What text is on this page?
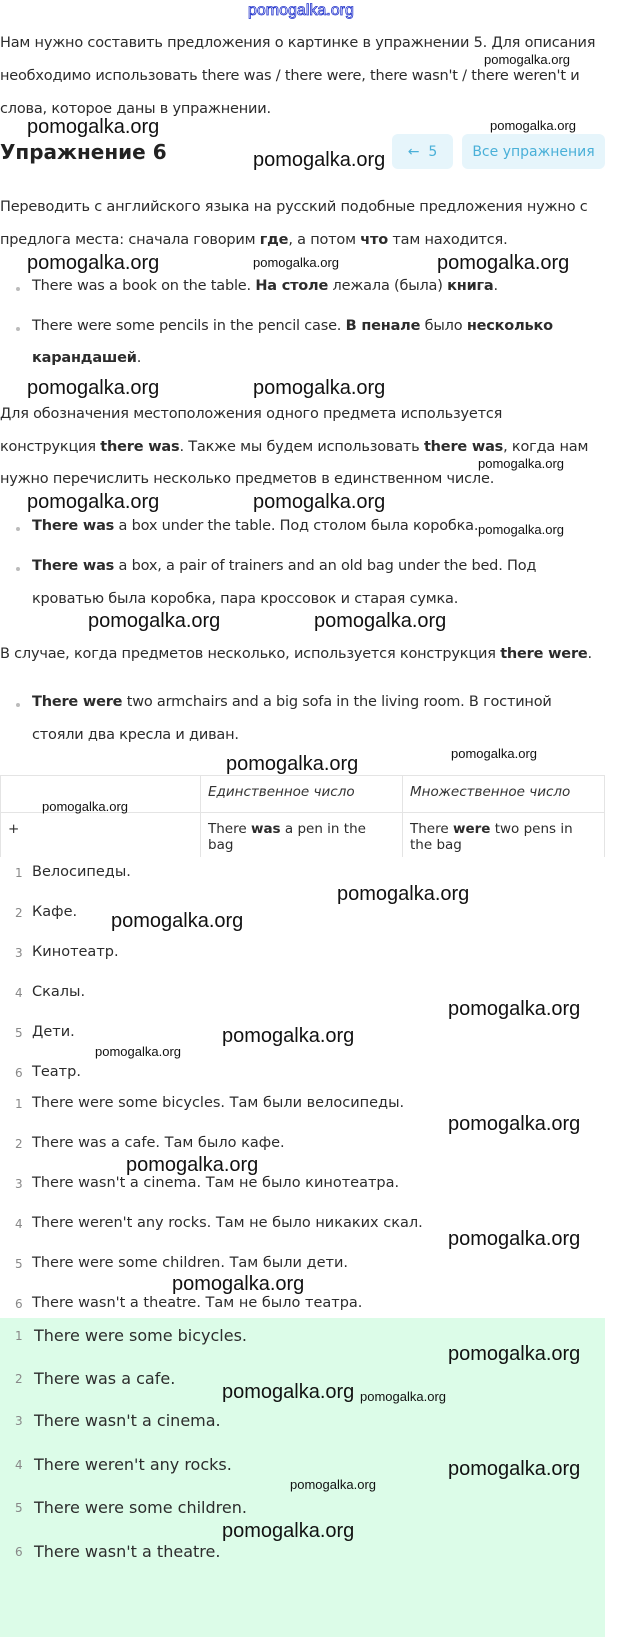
pomogalka.org
Нам нужно составить предложения о картинке в упражнении 5. Для описания
необходимо использовать there was / there were, there wasn't / there weren't и
слова, которое даны в упражнении.
Упражнение 6	←
5	Все упражнения
Переводить с английского языка на русский подобные предложения нужно с
предлога места: сначала говорим где, а потом что там находится.
There was a book on the table. На столе лежала (была) книга.
There were some pencils in the pencil case. В пенале было несколько
карандашей.
Для обозначения местоположения одного предмета используется
конструкция there was. Также мы будем использовать there was, когда нам
нужно перечислить несколько предметов в единственном числе.
There was a box under the table. Под столом была коробка.
There was a box, a pair of trainers and an old bag under the bed. Под
кроватью была коробка, пара кроссовок и старая сумка.
В случае, когда предметов несколько, используется конструкция there were.
There were two armchairs and a big sofa in the living room. В гостиной
стояли два кресла и диван.
	Единственное число	Множественное число
+	There was a pen in the bag	There were two pens in the bag
1 Велосипеды.
2 Кафе.
3 Кинотеатр.
4 Скалы.
5 Дети.
6 Театр.
1 There were some bicycles. Там были велосипеды.
2 There was a cafe. Там было кафе.
3 There wasn't a cinema. Там не было кинотеатра.
4 There weren't any rocks. Там не было никаких скал.
5 There were some children. Там были дети.
6 There wasn't a theatre. Там не было театра.
1 There were some bicycles.
2 There was a cafe.
3 There wasn't a cinema.
4 There weren't any rocks.
5 There were some children.
6 There wasn't a theatre.
pomogalka.org
pomogalka.org
pomogalka.org	pomogalka.org
pomogalka.org	pomogalka.org
pomogalka.org	pomogalka.org
pomogalka.org	pomogalka.org
pomogalka.org
pomogalka.org
pomogalka.org
pomogalka.org
pomogalka.org
pomogalka.org
pomogalka.org
pomogalka.org
pomogalka.org
pomogalka.org
pomogalka.org
pomogalka.org
pomogalka.org
pomogalka.org
pomogalka.org
pomogalka.org
pomogalka.org
pomogalka.org
pomogalka.org
pomogalka.org
pomogalka.org
pomogalka.org
pomogalka.org
